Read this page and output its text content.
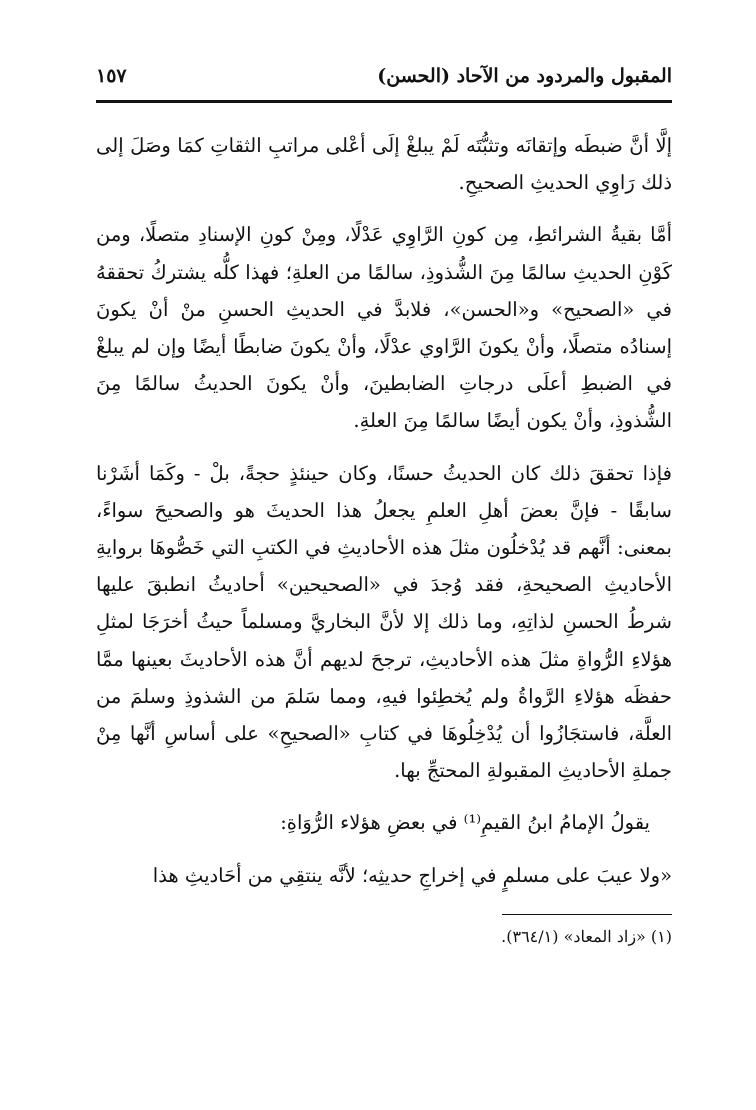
المقبول والمردود من الآحاد (الحسن)
١٥٧

إلَّا أنَّ ضبطَه وإتقانَه وتثبُّتَه لَمْ يبلغْ إلَى أعْلى مراتبِ الثقاتِ كمَا وصَلَ إلى ذلك رَاوِي الحديثِ الصحيحِ.

أمَّا بقيةُ الشرائطِ، مِن كونِ الرَّاوِي عَدْلًا، ومِنْ كونِ الإسنادِ متصلًا، ومن كَوْنِ الحديثِ سالمًا مِنَ الشُّذوذِ، سالمًا من العلةِ؛ فهذا كلُّه يشتركُ تحققهُ في «الصحيح» و«الحسن»، فلابدَّ في الحديثِ الحسنِ منْ أنْ يكونَ إسنادُه متصلًا، وأنْ يكونَ الرَّاوي عدْلًا، وأنْ يكونَ ضابطًا أيضًا وإن لم يبلغْ في الضبطِ أعلَى درجاتِ الضابطينَ، وأنْ يكونَ الحديثُ سالمًا مِنَ الشُّذوذِ، وأنْ يكون أيضًا سالمًا مِنَ العلةِ.

فإذا تحققَ ذلك كان الحديثُ حسنًا، وكان حينئذٍ حجةً، بلْ - وكَمَا أشَرْنا سابقًا - فإنَّ بعضَ أهلِ العلمِ يجعلُ هذا الحديثَ هو والصحيحَ سواءً، بمعنى: أنَّهم قد يُدْخلُون مثلَ هذه الأحاديثِ في الكتبِ التي خَصُّوهَا بروايةِ الأحاديثِ الصحيحةِ، فقد وُجدَ في «الصحيحين» أحاديثُ انطبقَ عليها شرطُ الحسنِ لذاتِهِ، وما ذلك إلا لأنَّ البخاريَّ ومسلماً حيثُ أخرَجَا لمثلِ هؤلاءِ الرُّواةِ مثلَ هذه الأحاديثِ، ترجحَ لديهم أنَّ هذه الأحاديثَ بعينها ممَّا حفظَه هؤلاءِ الرَّواةُ ولم يُخطِئوا فيهِ، ومما سَلمَ من الشذوذِ وسلمَ من العلَّة، فاستجَازُوا أن يُدْخِلُوهَا في كتابِ «الصحيحِ» على أساسِ أنَّها مِنْ جملةِ الأحاديثِ المقبولةِ المحتجِّ بها.

يقولُ الإمامُ ابنُ القيمِ⁽¹⁾ في بعضِ هؤلاء الرُّوَاةِ:

«ولا عيبَ على مسلمٍ في إخراجِ حديثِه؛ لأنَّه ينتقِي من أحَاديثِ هذا

(١) «زاد المعاد» (٣٦٤/١).
